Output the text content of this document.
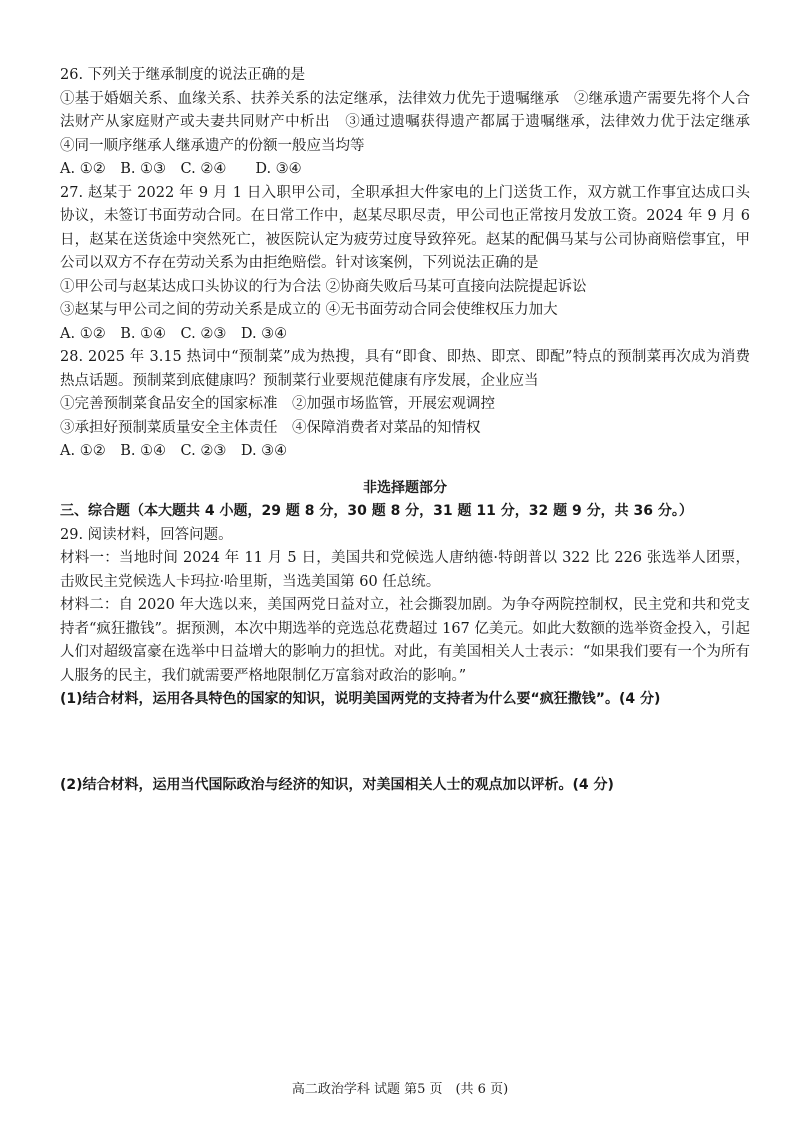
26. 下列关于继承制度的说法正确的是

①基于婚姻关系、血缘关系、扶养关系的法定继承，法律效力优先于遗嘱继承　②继承遗产需要先将个人合法财产从家庭财产或夫妻共同财产中析出　③通过遗嘱获得遗产都属于遗嘱继承，法律效力优于法定继承　④同一顺序继承人继承遗产的份额一般应当均等

A. ①②　B. ①③　C. ②④　　D. ③④

27. 赵某于 2022 年 9 月 1 日入职甲公司，全职承担大件家电的上门送货工作，双方就工作事宜达成口头协议，未签订书面劳动合同。在日常工作中，赵某尽职尽责，甲公司也正常按月发放工资。2024 年 9 月 6 日，赵某在送货途中突然死亡，被医院认定为疲劳过度导致猝死。赵某的配偶马某与公司协商赔偿事宜，甲公司以双方不存在劳动关系为由拒绝赔偿。针对该案例，下列说法正确的是

①甲公司与赵某达成口头协议的行为合法 ②协商失败后马某可直接向法院提起诉讼

③赵某与甲公司之间的劳动关系是成立的 ④无书面劳动合同会使维权压力加大

A. ①②　B. ①④　C. ②③　D. ③④

28. 2025 年 3.15 热词中“预制菜”成为热搜，具有“即食、即热、即烹、即配”特点的预制菜再次成为消费热点话题。预制菜到底健康吗？预制菜行业要规范健康有序发展，企业应当

①完善预制菜食品安全的国家标准　②加强市场监管，开展宏观调控

③承担好预制菜质量安全主体责任　④保障消费者对菜品的知情权

A. ①②　B. ①④　C. ②③　D. ③④

非选择题部分

三、综合题（本大题共 4 小题，29 题 8 分，30 题 8 分，31 题 11 分，32 题 9 分，共 36 分。）

29. 阅读材料，回答问题。

材料一：当地时间 2024 年 11 月 5 日，美国共和党候选人唐纳德·特朗普以 322 比 226 张选举人团票，击败民主党候选人卡玛拉·哈里斯，当选美国第 60 任总统。

材料二：自 2020 年大选以来，美国两党日益对立，社会撕裂加剧。为争夺两院控制权，民主党和共和党支持者“疯狂撒钱”。据预测，本次中期选举的竞选总花费超过 167 亿美元。如此大数额的选举资金投入，引起人们对超级富豪在选举中日益增大的影响力的担忧。对此，有美国相关人士表示：“如果我们要有一个为所有人服务的民主，我们就需要严格地限制亿万富翁对政治的影响。”

(1)结合材料，运用各具特色的国家的知识，说明美国两党的支持者为什么要“疯狂撒钱”。(4 分)

(2)结合材料，运用当代国际政治与经济的知识，对美国相关人士的观点加以评析。(4 分)

高二政治学科 试题 第5 页　(共 6 页)
